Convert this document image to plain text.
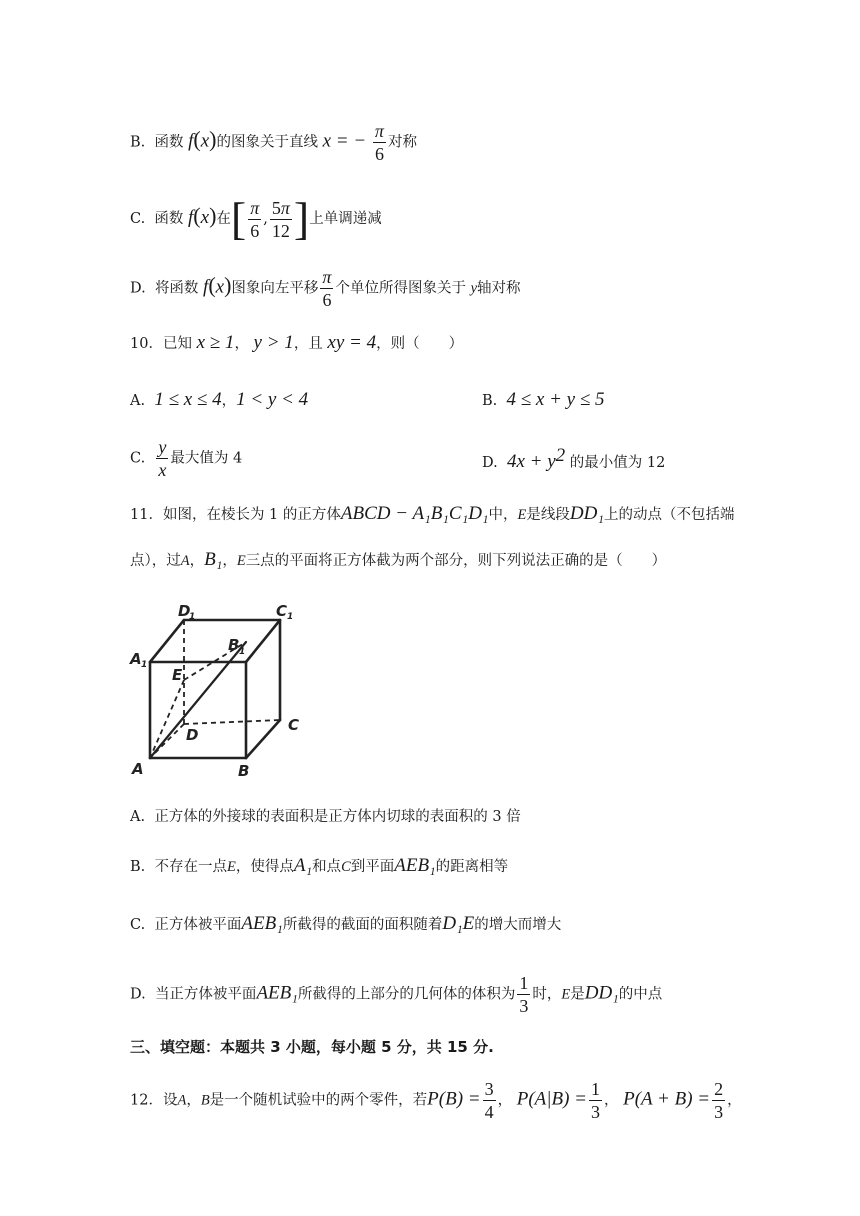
B. 函数 f(x)的图象关于直线 x = − $\frac{\pi}{6}$ 对称
C. 函数 f(x)在[ $\frac{\pi}{6}$ , $\frac{5\pi}{12}$ ]上单调递减
D. 将函数 f(x)图象向左平移 $\frac{\pi}{6}$ 个单位所得图象关于 y轴对称
10．已知 x ≥ 1， y > 1，且 xy = 4，则（　　）
A. 1 ≤ x ≤ 4，1 < y < 4	B. 4 ≤ x + y ≤ 5
C. $\frac{y}{x}$ 最大值为 4	D. $4x + y^2$ 的最小值为 12
11．如图，在棱长为 1 的正方体ABCD − A₁B₁C₁D₁中，E是线段DD₁上的动点（不包括端
点），过A，B₁，E三点的平面将正方体截为两个部分，则下列说法正确的是（　　）
D
1	C 1
A 1
B 1
E
D
C
A	B
A. 正方体的外接球的表面积是正方体内切球的表面积的 3 倍
B. 不存在一点E，使得点A₁和点C到平面AEB₁的距离相等
C. 正方体被平面AEB₁所截得的截面的面积随着D₁E的增大而增大
D. 当正方体被平面AEB₁所截得的上部分的几何体的体积为 $\frac{1}{3}$ 时，E是DD₁的中点
三、填空题：本题共 3 小题，每小题 5 分，共 15 分.
12．设A，B是一个随机试验中的两个零件，若$P(B) = \frac{3}{4}$ ， $P(A|B) = \frac{1}{3}$ ， $P(A + B) = \frac{2}{3}$ ，
